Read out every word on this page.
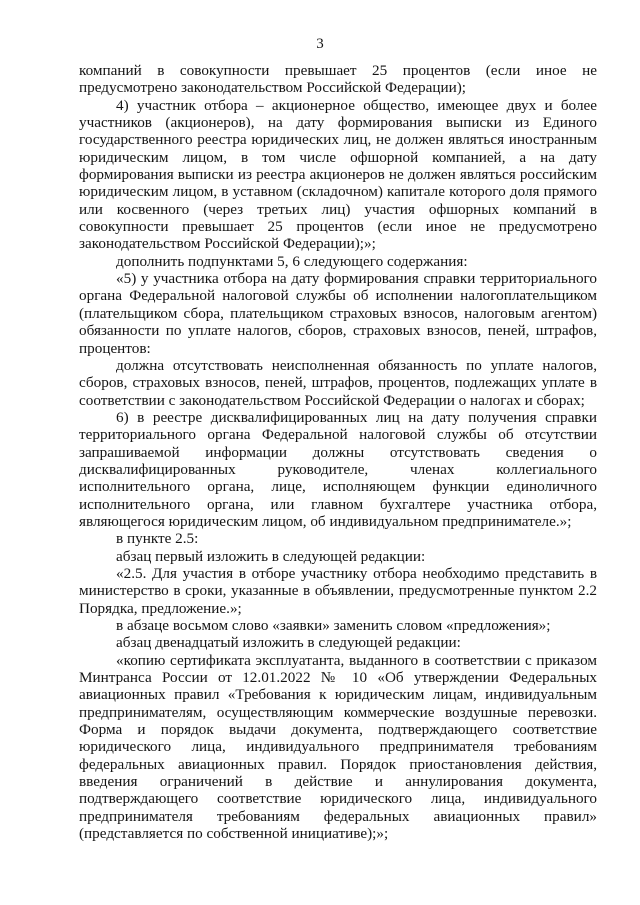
3

компаний в совокупности превышает 25 процентов (если иное не предусмотрено законодательством Российской Федерации);

4) участник отбора – акционерное общество, имеющее двух и более участников (акционеров), на дату формирования выписки из Единого государственного реестра юридических лиц, не должен являться иностранным юридическим лицом, в том числе офшорной компанией, а на дату формирования выписки из реестра акционеров не должен являться российским юридическим лицом, в уставном (складочном) капитале которого доля прямого или косвенного (через третьих лиц) участия офшорных компаний в совокупности превышает 25 процентов (если иное не предусмотрено законодательством Российской Федерации);»;

дополнить подпунктами 5, 6 следующего содержания:

«5) у участника отбора на дату формирования справки территориального органа Федеральной налоговой службы об исполнении налогоплательщиком (плательщиком сбора, плательщиком страховых взносов, налоговым агентом) обязанности по уплате налогов, сборов, страховых взносов, пеней, штрафов, процентов:

должна отсутствовать неисполненная обязанность по уплате налогов, сборов, страховых взносов, пеней, штрафов, процентов, подлежащих уплате в соответствии с законодательством Российской Федерации о налогах и сборах;

6) в реестре дисквалифицированных лиц на дату получения справки территориального органа Федеральной налоговой службы об отсутствии запрашиваемой информации должны отсутствовать сведения о дисквалифицированных руководителе, членах коллегиального исполнительного органа, лице, исполняющем функции единоличного исполнительного органа, или главном бухгалтере участника отбора, являющегося юридическим лицом, об индивидуальном предпринимателе.»;

в пункте 2.5:

абзац первый изложить в следующей редакции:

«2.5. Для участия в отборе участнику отбора необходимо представить в министерство в сроки, указанные в объявлении, предусмотренные пунктом 2.2 Порядка, предложение.»;

в абзаце восьмом слово «заявки» заменить словом «предложения»;

абзац двенадцатый изложить в следующей редакции:

«копию сертификата эксплуатанта, выданного в соответствии с приказом Минтранса России от 12.01.2022 № 10 «Об утверждении Федеральных авиационных правил «Требования к юридическим лицам, индивидуальным предпринимателям, осуществляющим коммерческие воздушные перевозки. Форма и порядок выдачи документа, подтверждающего соответствие юридического лица, индивидуального предпринимателя требованиям федеральных авиационных правил. Порядок приостановления действия, введения ограничений в действие и аннулирования документа, подтверждающего соответствие юридического лица, индивидуального предпринимателя требованиям федеральных авиационных правил» (представляется по собственной инициативе);»;
